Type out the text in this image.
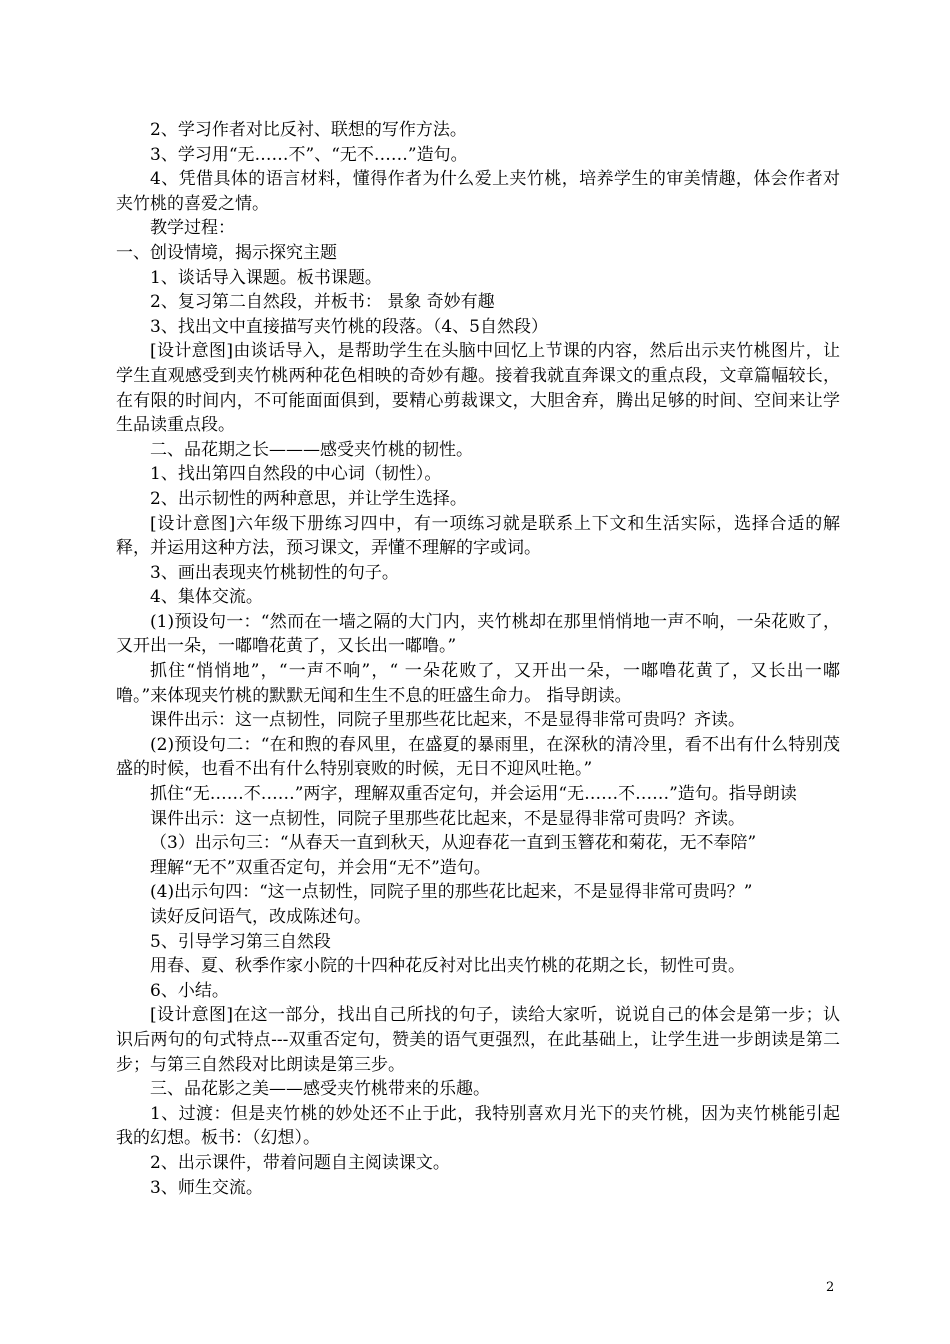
2、学习作者对比反衬、联想的写作方法。

3、学习用“无……不”、“无不……”造句。

4、凭借具体的语言材料，懂得作者为什么爱上夹竹桃，培养学生的审美情趣，体会作者对夹竹桃的喜爱之情。

教学过程：

一、创设情境，揭示探究主题

1、谈话导入课题。板书课题。

2、复习第二自然段，并板书： 景象 奇妙有趣

3、找出文中直接描写夹竹桃的段落。（4、5自然段）

[设计意图]由谈话导入，是帮助学生在头脑中回忆上节课的内容，然后出示夹竹桃图片，让学生直观感受到夹竹桃两种花色相映的奇妙有趣。接着我就直奔课文的重点段，文章篇幅较长，在有限的时间内，不可能面面俱到，要精心剪裁课文，大胆舍弃，腾出足够的时间、空间来让学生品读重点段。

二、品花期之长———感受夹竹桃的韧性。

1、找出第四自然段的中心词（韧性）。

2、出示韧性的两种意思，并让学生选择。

[设计意图]六年级下册练习四中，有一项练习就是联系上下文和生活实际，选择合适的解释，并运用这种方法，预习课文，弄懂不理解的字或词。

3、画出表现夹竹桃韧性的句子。

4、集体交流。

(1)预设句一：“然而在一墙之隔的大门内，夹竹桃却在那里悄悄地一声不响，一朵花败了，又开出一朵，一嘟噜花黄了，又长出一嘟噜。”

抓住“悄悄地”，“一声不响”，“ 一朵花败了，又开出一朵，一嘟噜花黄了，又长出一嘟噜。”来体现夹竹桃的默默无闻和生生不息的旺盛生命力。 指导朗读。

课件出示：这一点韧性，同院子里那些花比起来，不是显得非常可贵吗？齐读。

(2)预设句二：“在和煦的春风里，在盛夏的暴雨里，在深秋的清冷里，看不出有什么特别茂盛的时候，也看不出有什么特别衰败的时候，无日不迎风吐艳。”

抓住“无……不……”两字，理解双重否定句，并会运用“无……不……”造句。指导朗读

课件出示：这一点韧性，同院子里那些花比起来，不是显得非常可贵吗？齐读。

（3）出示句三：“从春天一直到秋天，从迎春花一直到玉簪花和菊花，无不奉陪”

理解“无不”双重否定句，并会用“无不”造句。

(4)出示句四：“这一点韧性，同院子里的那些花比起来，不是显得非常可贵吗？”

读好反问语气，改成陈述句。

5、引导学习第三自然段

用春、夏、秋季作家小院的十四种花反衬对比出夹竹桃的花期之长，韧性可贵。

6、小结。

[设计意图]在这一部分，找出自己所找的句子，读给大家听，说说自己的体会是第一步；认识后两句的句式特点---双重否定句，赞美的语气更强烈，在此基础上，让学生进一步朗读是第二步；与第三自然段对比朗读是第三步。

三、品花影之美——感受夹竹桃带来的乐趣。

1、过渡：但是夹竹桃的妙处还不止于此，我特别喜欢月光下的夹竹桃，因为夹竹桃能引起我的幻想。板书：（幻想）。

2、出示课件，带着问题自主阅读课文。

3、师生交流。

2
